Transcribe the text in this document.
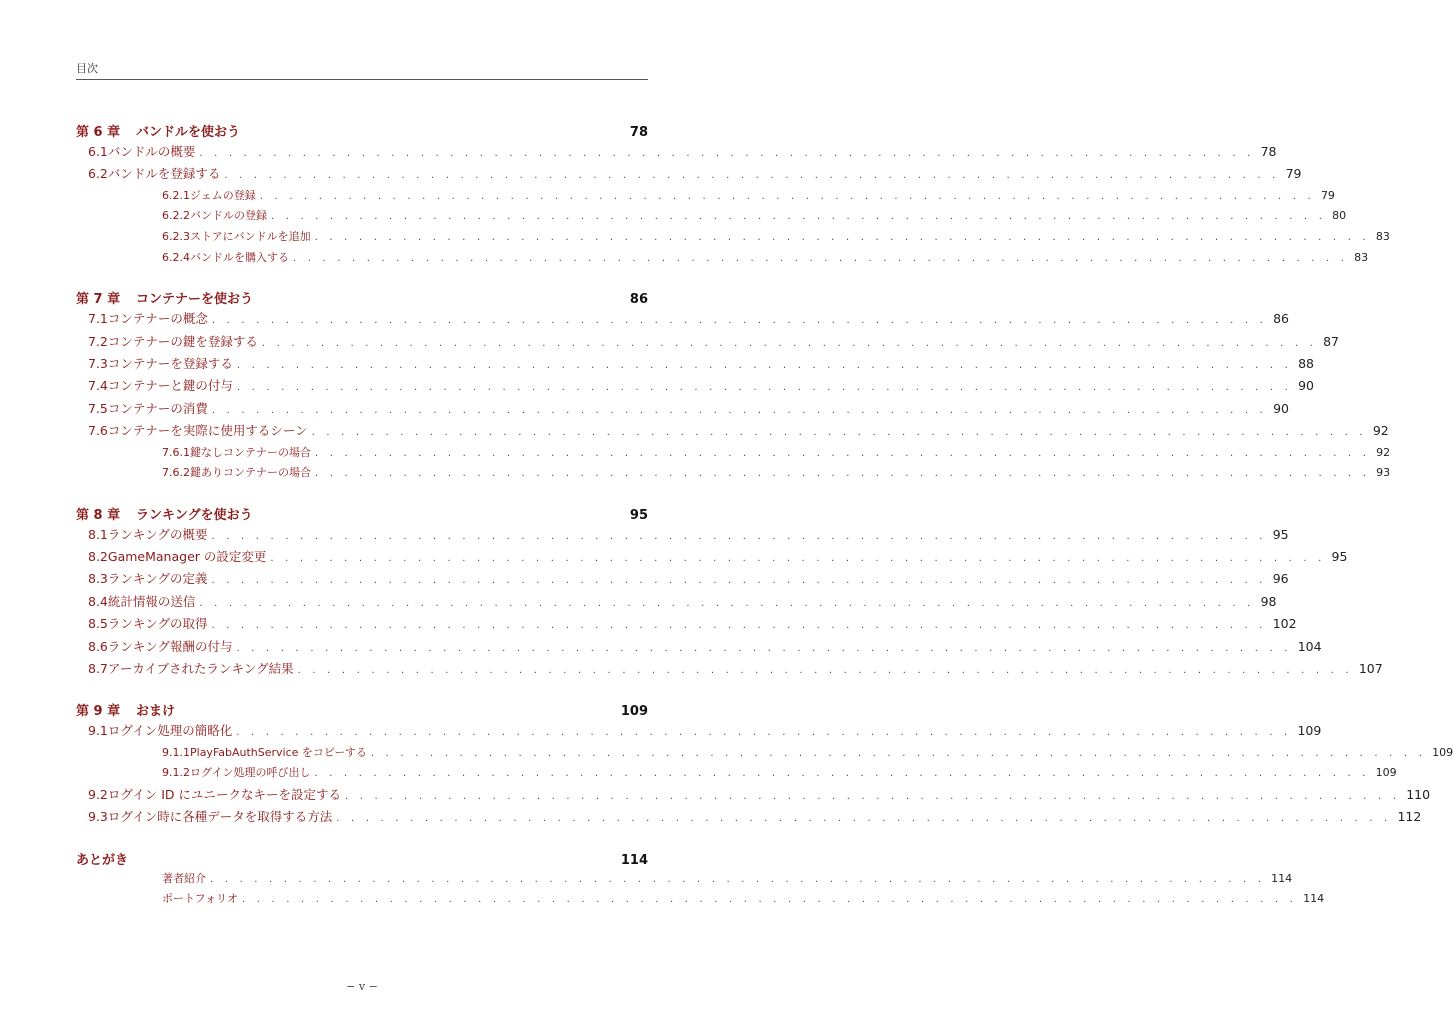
目次
第 6 章	バンドルを使おう	78
6.1 バンドルの概要 . . . . . . . . . . . . . . . . . . . . . . . . . . . . . . . . . . . . . . . . . . . . . . . . . . . . . . . . . . . . . . . . . . . . . . . . 78
6.2 バンドルを登録する . . . . . . . . . . . . . . . . . . . . . . . . . . . . . . . . . . . . . . . . . . . . . . . . . . . . . . . . . . . . . . . . . . . . . . . . 79
6.2.1 ジェムの登録 . . . . . . . . . . . . . . . . . . . . . . . . . . . . . . . . . . . . . . . . . . . . . . . . . . . . . . . . . . . . . . . . . . . . . . . . 79
6.2.2 バンドルの登録 . . . . . . . . . . . . . . . . . . . . . . . . . . . . . . . . . . . . . . . . . . . . . . . . . . . . . . . . . . . . . . . . . . . . . . . . 80
6.2.3 ストアにバンドルを追加 . . . . . . . . . . . . . . . . . . . . . . . . . . . . . . . . . . . . . . . . . . . . . . . . . . . . . . . . . . . . . . . . . . . . . . . . 83
6.2.4 バンドルを購入する . . . . . . . . . . . . . . . . . . . . . . . . . . . . . . . . . . . . . . . . . . . . . . . . . . . . . . . . . . . . . . . . . . . . . . . . 83
第 7 章	コンテナーを使おう	86
7.1 コンテナーの概念 . . . . . . . . . . . . . . . . . . . . . . . . . . . . . . . . . . . . . . . . . . . . . . . . . . . . . . . . . . . . . . . . . . . . . . . . 86
7.2 コンテナーの鍵を登録する . . . . . . . . . . . . . . . . . . . . . . . . . . . . . . . . . . . . . . . . . . . . . . . . . . . . . . . . . . . . . . . . . . . . . . . . 87
7.3 コンテナーを登録する . . . . . . . . . . . . . . . . . . . . . . . . . . . . . . . . . . . . . . . . . . . . . . . . . . . . . . . . . . . . . . . . . . . . . . . . 88
7.4 コンテナーと鍵の付与 . . . . . . . . . . . . . . . . . . . . . . . . . . . . . . . . . . . . . . . . . . . . . . . . . . . . . . . . . . . . . . . . . . . . . . . . 90
7.5 コンテナーの消費 . . . . . . . . . . . . . . . . . . . . . . . . . . . . . . . . . . . . . . . . . . . . . . . . . . . . . . . . . . . . . . . . . . . . . . . . 90
7.6 コンテナーを実際に使用するシーン . . . . . . . . . . . . . . . . . . . . . . . . . . . . . . . . . . . . . . . . . . . . . . . . . . . . . . . . . . . . . . . . . . . . . . . . 92
7.6.1 鍵なしコンテナーの場合 . . . . . . . . . . . . . . . . . . . . . . . . . . . . . . . . . . . . . . . . . . . . . . . . . . . . . . . . . . . . . . . . . . . . . . . . 92
7.6.2 鍵ありコンテナーの場合 . . . . . . . . . . . . . . . . . . . . . . . . . . . . . . . . . . . . . . . . . . . . . . . . . . . . . . . . . . . . . . . . . . . . . . . . 93
第 8 章	ランキングを使おう	95
8.1 ランキングの概要 . . . . . . . . . . . . . . . . . . . . . . . . . . . . . . . . . . . . . . . . . . . . . . . . . . . . . . . . . . . . . . . . . . . . . . . . 95
8.2 GameManager の設定変更 . . . . . . . . . . . . . . . . . . . . . . . . . . . . . . . . . . . . . . . . . . . . . . . . . . . . . . . . . . . . . . . . . . . . . . . . 95
8.3 ランキングの定義 . . . . . . . . . . . . . . . . . . . . . . . . . . . . . . . . . . . . . . . . . . . . . . . . . . . . . . . . . . . . . . . . . . . . . . . . 96
8.4 統計情報の送信 . . . . . . . . . . . . . . . . . . . . . . . . . . . . . . . . . . . . . . . . . . . . . . . . . . . . . . . . . . . . . . . . . . . . . . . . 98
8.5 ランキングの取得 . . . . . . . . . . . . . . . . . . . . . . . . . . . . . . . . . . . . . . . . . . . . . . . . . . . . . . . . . . . . . . . . . . . . . . . . 102
8.6 ランキング報酬の付与 . . . . . . . . . . . . . . . . . . . . . . . . . . . . . . . . . . . . . . . . . . . . . . . . . . . . . . . . . . . . . . . . . . . . . . . . 104
8.7 アーカイブされたランキング結果 . . . . . . . . . . . . . . . . . . . . . . . . . . . . . . . . . . . . . . . . . . . . . . . . . . . . . . . . . . . . . . . . . . . . . . . . 107
第 9 章	おまけ	109
9.1 ログイン処理の簡略化 . . . . . . . . . . . . . . . . . . . . . . . . . . . . . . . . . . . . . . . . . . . . . . . . . . . . . . . . . . . . . . . . . . . . . . . . 109
9.1.1 PlayFabAuthService をコピーする . . . . . . . . . . . . . . . . . . . . . . . . . . . . . . . . . . . . . . . . . . . . . . . . . . . . . . . . . . . . . . . . . . . . . . . . 109
9.1.2 ログイン処理の呼び出し . . . . . . . . . . . . . . . . . . . . . . . . . . . . . . . . . . . . . . . . . . . . . . . . . . . . . . . . . . . . . . . . . . . . . . . . 109
9.2 ログイン ID にユニークなキーを設定する . . . . . . . . . . . . . . . . . . . . . . . . . . . . . . . . . . . . . . . . . . . . . . . . . . . . . . . . . . . . . . . . . . . . . . . . 110
9.3 ログイン時に各種データを取得する方法 . . . . . . . . . . . . . . . . . . . . . . . . . . . . . . . . . . . . . . . . . . . . . . . . . . . . . . . . . . . . . . . . . . . . . . . . 112
あとがき	114
著者紹介 . . . . . . . . . . . . . . . . . . . . . . . . . . . . . . . . . . . . . . . . . . . . . . . . . . . . . . . . . . . . . . . . . . . . . . . . 114
ポートフォリオ . . . . . . . . . . . . . . . . . . . . . . . . . . . . . . . . . . . . . . . . . . . . . . . . . . . . . . . . . . . . . . . . . . . . . . . . 114
− v −
